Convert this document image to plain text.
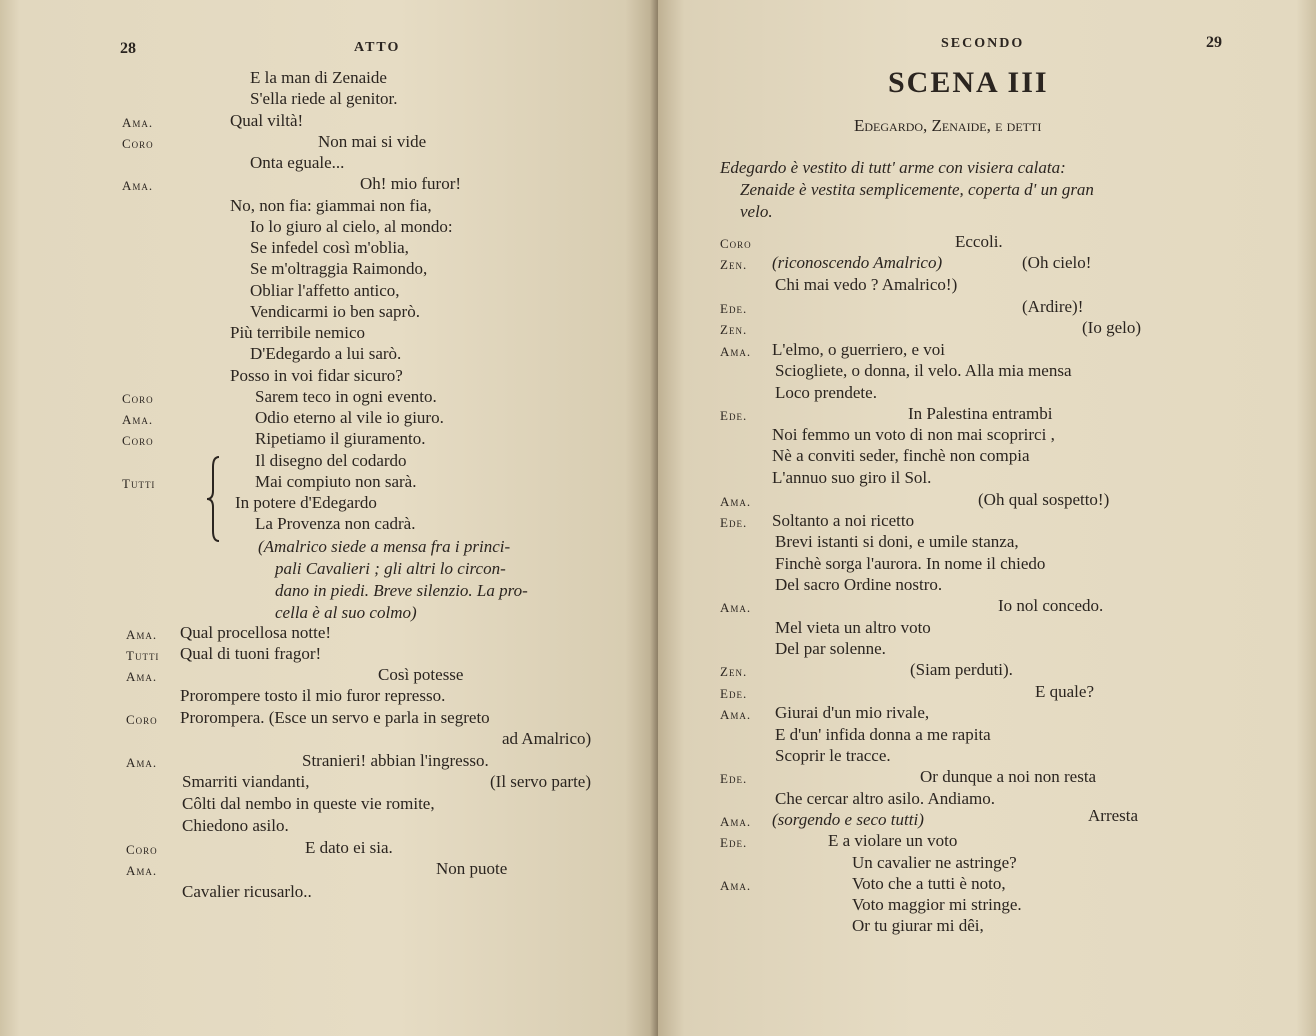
28	ATTO
E la man di Zenaide
S'ella riede al genitor.
Ama.	Qual viltà!
Coro	Non mai si vide
Onta eguale...
Ama.	Oh! mio furor!
No, non fia: giammai non fia,
Io lo giuro al cielo, al mondo:
Se infedel così m'oblia,
Se m'oltraggia Raimondo,
Obliar l'affetto antico,
Vendicarmi io ben saprò.
Più terribile nemico
D'Edegardo a lui sarò.
Posso in voi fidar sicuro?
Coro	Sarem teco in ogni evento.
Ama.	Odio eterno al vile io giuro.
Coro	Ripetiamo il giuramento.
Il disegno del codardo
Tutti	Mai compiuto non sarà.
In potere d'Edegardo
La Provenza non cadrà.
(Amalrico siede a mensa fra i princi-
pali Cavalieri ; gli altri lo circon-
dano in piedi. Breve silenzio. La pro-
cella è al suo colmo)
Ama. Qual procellosa notte!
Tutti Qual di tuoni fragor!
Ama.	Così potesse
Prorompere tosto il mio furor represso.
Coro Prorompera. (Esce un servo e parla in segreto
ad Amalrico)
Ama.	Stranieri! abbian l'ingresso.
Smarriti viandanti,	(Il servo parte)
Côlti dal nembo in queste vie romite,
Chiedono asilo.
Coro	E dato ei sia.
Ama.	Non puote
Cavalier ricusarlo..
SECONDO	29
SCENA III
Edegardo, Zenaide, e detti
Edegardo è vestito di tutt' arme con visiera calata:
Zenaide è vestita semplicemente, coperta d' un gran
velo.
Coro	Eccoli.
Zen. (riconoscendo Amalrico)	(Oh cielo!
Chi mai vedo ? Amalrico!)
Ede.	(Ardire)!
Zen.	(Io gelo)
Ama. L'elmo, o guerriero, e voi
Sciogliete, o donna, il velo. Alla mia mensa
Loco prendete.
Ede.	In Palestina entrambi
Noi femmo un voto di non mai scoprirci ,
Nè a conviti seder, finchè non compia
L'annuo suo giro il Sol.
Ama.	(Oh qual sospetto!)
Ede. Soltanto a noi ricetto
Brevi istanti si doni, e umile stanza,
Finchè sorga l'aurora. In nome il chiedo
Del sacro Ordine nostro.
Ama.	Io nol concedo.
Mel vieta un altro voto
Del par solenne.
Zen.	(Siam perduti).
Ede.	E quale?
Ama. Giurai d'un mio rivale,
E d'un' infida donna a me rapita
Scoprir le tracce.
Ede.	Or dunque a noi non resta
Che cercar altro asilo. Andiamo.
Ama. (sorgendo e seco tutti)	Arresta
Ede.	E a violare un voto
Un cavalier ne astringe?
Ama.	Voto che a tutti è noto,
Voto maggior mi stringe.
Or tu giurar mi dêi,
